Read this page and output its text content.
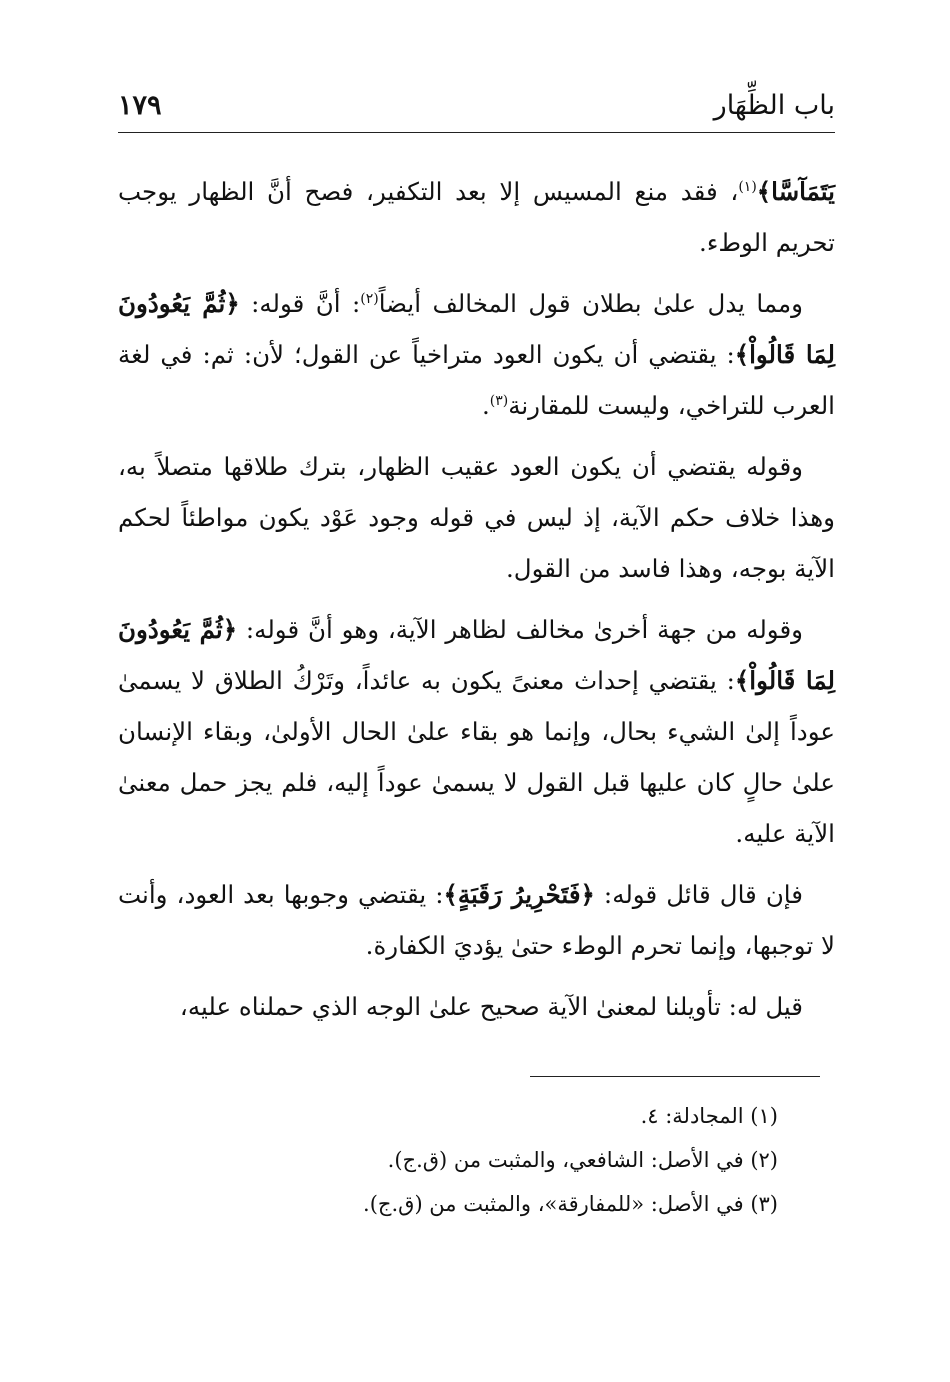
باب الظِّهَار
١٧٩

يَتَمَآسَّا﴾$^{(١)}$، فقد منع المسيس إلا بعد التكفير، فصح أنَّ الظهار يوجب تحريم الوطء.

ومما يدل علىٰ بطلان قول المخالف أيضاً$^{(٢)}$: أنَّ قوله: ﴿ثُمَّ يَعُودُونَ لِمَا قَالُواْ﴾: يقتضي أن يكون العود متراخياً عن القول؛ لأن: ثم: في لغة العرب للتراخي، وليست للمقارنة$^{(٣)}$.

وقوله يقتضي أن يكون العود عقيب الظهار، بترك طلاقها متصلاً به، وهذا خلاف حكم الآية، إذ ليس في قوله وجود عَوْد يكون مواطئاً لحكم الآية بوجه، وهذا فاسد من القول.

وقوله من جهة أخرىٰ مخالف لظاهر الآية، وهو أنَّ قوله: ﴿ثُمَّ يَعُودُونَ لِمَا قَالُواْ﴾: يقتضي إحداث معنىً يكون به عائداً، وتَرْكُ الطلاق لا يسمىٰ عوداً إلىٰ الشيء بحال، وإنما هو بقاء علىٰ الحال الأولىٰ، وبقاء الإنسان علىٰ حالٍ كان عليها قبل القول لا يسمىٰ عوداً إليه، فلم يجز حمل معنىٰ الآية عليه.

فإن قال قائل قوله: ﴿فَتَحْرِيرُ رَقَبَةٍ﴾: يقتضي وجوبها بعد العود، وأنت لا توجبها، وإنما تحرم الوطء حتىٰ يؤديَ الكفارة.

قيل له: تأويلنا لمعنىٰ الآية صحيح علىٰ الوجه الذي حملناه عليه،

(١) المجادلة: ٤.

(٢) في الأصل: الشافعي، والمثبت من (ق.ج).

(٣) في الأصل: «للمفارقة»، والمثبت من (ق.ج).
